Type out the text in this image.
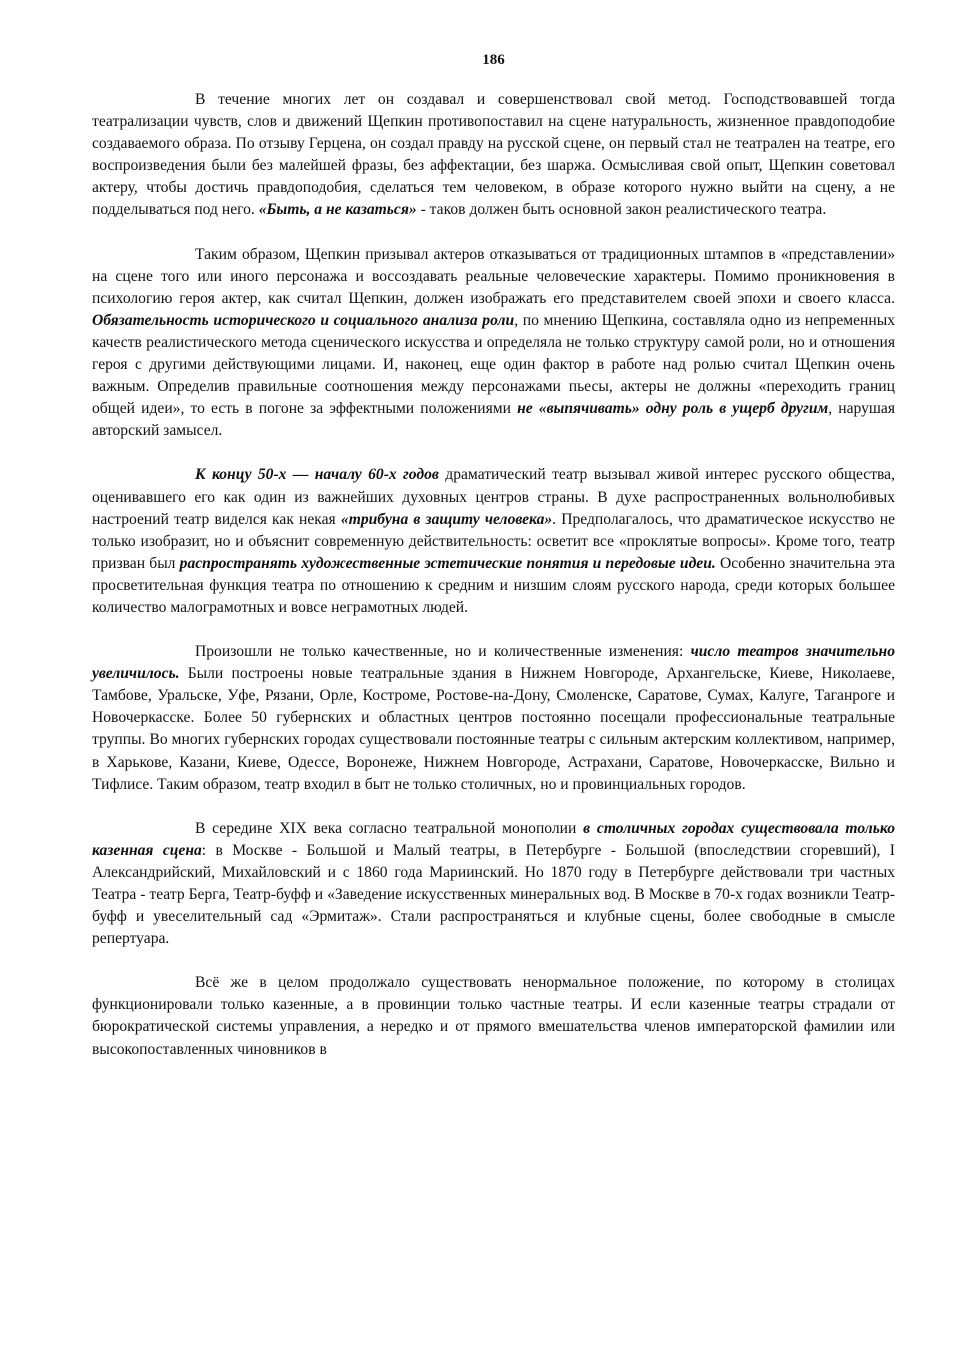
186

В течение многих лет он создавал и совершенствовал свой метод. Господствовавшей тогда театрализации чувств, слов и движений Щепкин противопоставил на сцене натуральность, жизненное правдоподобие создаваемого образа. По отзыву Герцена, он создал правду на русской сцене, он первый стал не театрален на театре, его воспроизведения были без малейшей фразы, без аффектации, без шаржа. Осмысливая свой опыт, Щепкин советовал актеру, чтобы достичь правдоподобия, сделаться тем человеком, в образе которого нужно выйти на сцену, а не подделываться под него. «Быть, а не казаться» - таков должен быть основной закон реалистического театра.

Таким образом, Щепкин призывал актеров отказываться от традиционных штампов в «представлении» на сцене того или иного персонажа и воссоздавать реальные человеческие характеры. Помимо проникновения в психологию героя актер, как считал Щепкин, должен изображать его представителем своей эпохи и своего класса. Обязательность исторического и социального анализа роли, по мнению Щепкина, составляла одно из непременных качеств реалистического метода сценического искусства и определяла не только структуру самой роли, но и отношения героя с другими действующими лицами. И, наконец, еще один фактор в работе над ролью считал Щепкин очень важным. Определив правильные соотношения между персонажами пьесы, актеры не должны «переходить границ общей идеи», то есть в погоне за эффектными положениями не «выпячивать» одну роль в ущерб другим, нарушая авторский замысел.

К концу 50-х — началу 60-х годов драматический театр вызывал живой интерес русского общества, оценивавшего его как один из важнейших духовных центров страны. В духе распространенных вольнолюбивых настроений театр виделся как некая «трибуна в защиту человека». Предполагалось, что драматическое искусство не только изобразит, но и объяснит современную действительность: осветит все «проклятые вопросы». Кроме того, театр призван был распространять художественные эстетические понятия и передовые идеи. Особенно значительна эта просветительная функция театра по отношению к средним и низшим слоям русского народа, среди которых большее количество малограмотных и вовсе неграмотных людей.

Произошли не только качественные, но и количественные изменения: число театров значительно увеличилось. Были построены новые театральные здания в Нижнем Новгороде, Архангельске, Киеве, Николаеве, Тамбове, Уральске, Уфе, Рязани, Орле, Костроме, Ростове-на-Дону, Смоленске, Саратове, Сумах, Калуге, Таганроге и Новочеркасске. Более 50 губернских и областных центров постоянно посещали профессиональные театральные труппы. Во многих губернских городах существовали постоянные театры с сильным актерским коллективом, например, в Харькове, Казани, Киеве, Одессе, Воронеже, Нижнем Новгороде, Астрахани, Саратове, Новочеркасске, Вильно и Тифлисе. Таким образом, театр входил в быт не только столичных, но и провинциальных городов.

В середине XIX века согласно театральной монополии в столичных городах существовала только казенная сцена: в Москве - Большой и Малый театры, в Петербурге - Большой (впоследствии сгоревший), I Александрийский, Михайловский и с 1860 года Мариинский. Но 1870 году в Петербурге действовали три частных Театра - театр Берга, Театр-буфф и «Заведение искусственных минеральных вод. В Москве в 70-х годах возникли Театр-буфф и увеселительный сад «Эрмитаж». Стали распространяться и клубные сцены, более свободные в смысле репертуара.

Всё же в целом продолжало существовать ненормальное положение, по которому в столицах функционировали только казенные, а в провинции только частные театры. И если казенные театры страдали от бюрократической системы управления, а нередко и от прямого вмешательства членов императорской фамилии или высокопоставленных чиновников в
